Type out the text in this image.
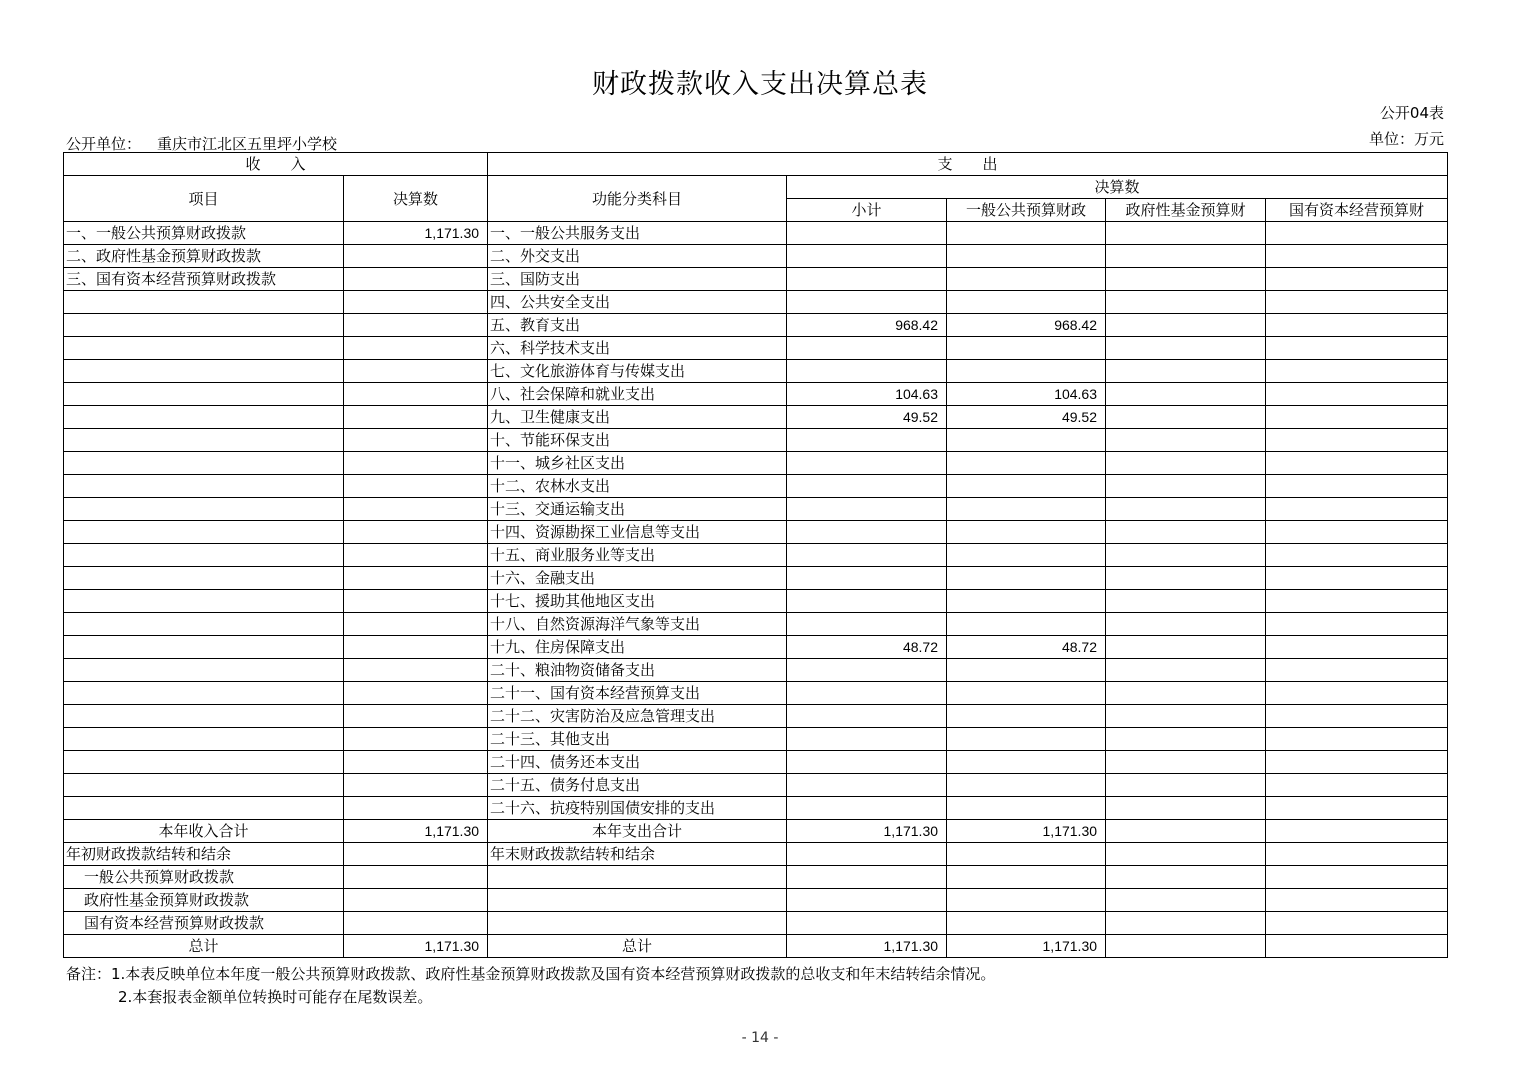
财政拨款收入支出决算总表
公开04表
单位：万元
公开单位： 重庆市江北区五里坪小学校
收　　入		支　　出				
项目	决算数	功能分类科目	决算数			
			小计	一般公共预算财政	政府性基金预算财	国有资本经营预算财
一、一般公共预算财政拨款	1,171.30	一、一般公共服务支出				
二、政府性基金预算财政拨款		二、外交支出				
三、国有资本经营预算财政拨款		三、国防支出				
		四、公共安全支出				
		五、教育支出	968.42	968.42		
		六、科学技术支出				
		七、文化旅游体育与传媒支出				
		八、社会保障和就业支出	104.63	104.63		
		九、卫生健康支出	49.52	49.52		
		十、节能环保支出				
		十一、城乡社区支出				
		十二、农林水支出				
		十三、交通运输支出				
		十四、资源勘探工业信息等支出				
		十五、商业服务业等支出				
		十六、金融支出				
		十七、援助其他地区支出				
		十八、自然资源海洋气象等支出				
		十九、住房保障支出	48.72	48.72		
		二十、粮油物资储备支出				
		二十一、国有资本经营预算支出				
		二十二、灾害防治及应急管理支出				
		二十三、其他支出				
		二十四、债务还本支出				
		二十五、债务付息支出				
		二十六、抗疫特别国债安排的支出				
本年收入合计	1,171.30	本年支出合计	1,171.30	1,171.30		
年初财政拨款结转和结余		年末财政拨款结转和结余				
一般公共预算财政拨款						
政府性基金预算财政拨款						
国有资本经营预算财政拨款						
总计	1,171.30	总计	1,171.30	1,171.30		
备注：1.本表反映单位本年度一般公共预算财政拨款、政府性基金预算财政拨款及国有资本经营预算财政拨款的总收支和年末结转结余情况。
2.本套报表金额单位转换时可能存在尾数误差。
- 14 -
